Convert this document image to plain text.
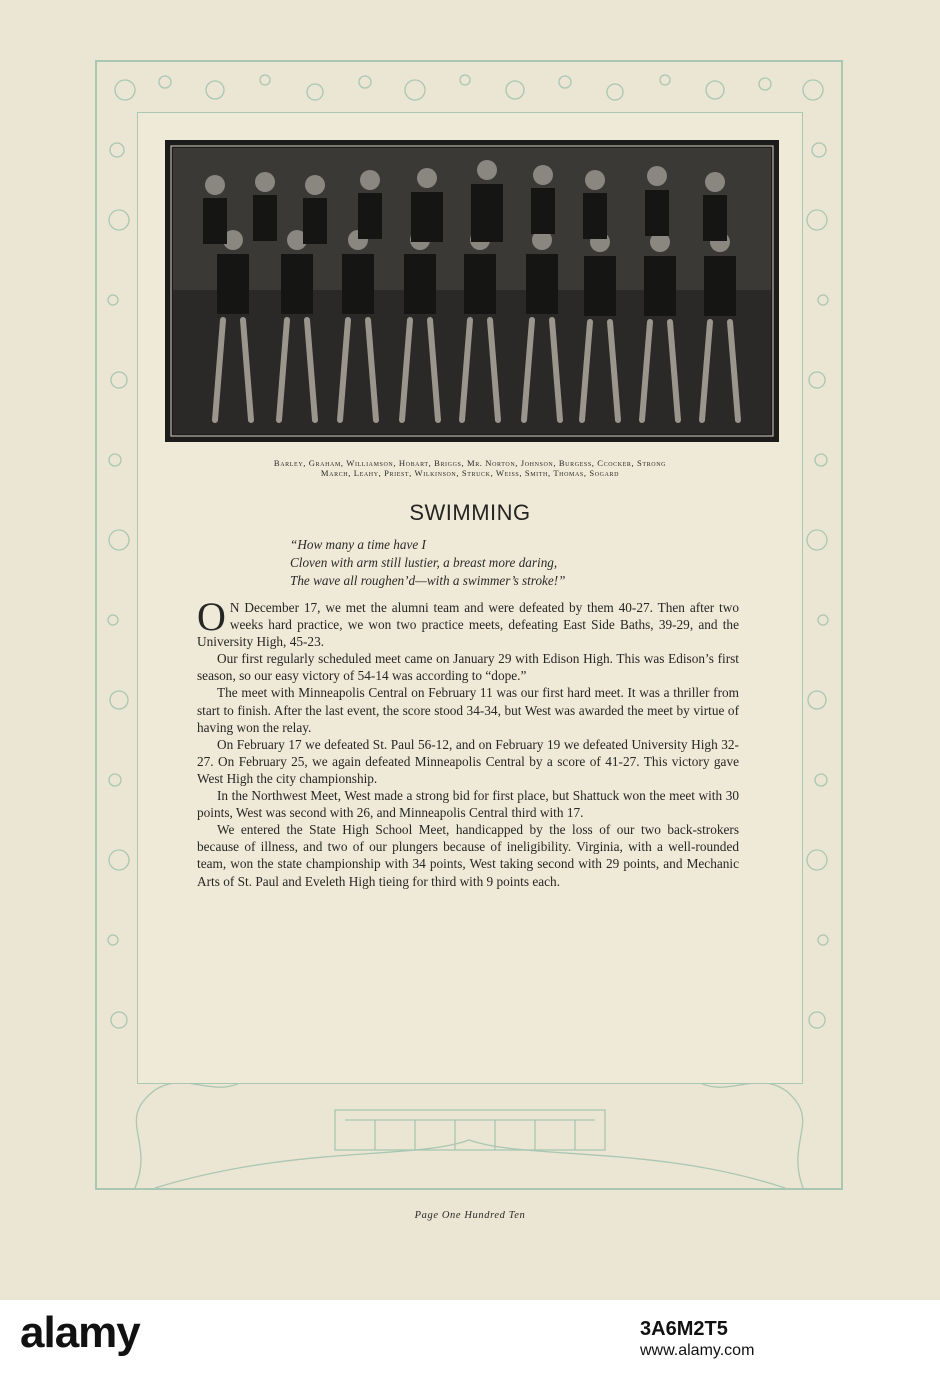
Barley, Graham, Williamson, Hobart, Briggs, Mr. Norton, Johnson, Burgess, Ccocker, Strong
March, Leahy, Priest, Wilkinson, Struck, Weiss, Smith, Thomas, Sogard
SWIMMING
“How many a time have I
Cloven with arm still lustier, a breast more daring,
The wave all roughen’d—with a swimmer’s stroke!”

O N December 17, we met the alumni team and were defeated by them 40-27. Then after two weeks hard practice, we won two practice meets, defeating East Side Baths, 39-29, and the University High, 45-23.

Our first regularly scheduled meet came on January 29 with Edison High. This was Edison’s first season, so our easy victory of 54-14 was according to “dope.”

The meet with Minneapolis Central on February 11 was our first hard meet. It was a thriller from start to finish. After the last event, the score stood 34-34, but West was awarded the meet by virtue of having won the relay.

On February 17 we defeated St. Paul 56-12, and on February 19 we defeated University High 32-27. On February 25, we again defeated Minneapolis Central by a score of 41-27. This victory gave West High the city championship.

In the Northwest Meet, West made a strong bid for first place, but Shattuck won the meet with 30 points, West was second with 26, and Minneapolis Central third with 17.

We entered the State High School Meet, handicapped by the loss of our two back-strokers because of illness, and two of our plungers because of ineligibility. Virginia, with a well-rounded team, won the state championship with 34 points, West taking second with 29 points, and Mechanic Arts of St. Paul and Eveleth High tieing for third with 9 points each.

Page One Hundred Ten
alamy	3A6M2T5
www.alamy.com
